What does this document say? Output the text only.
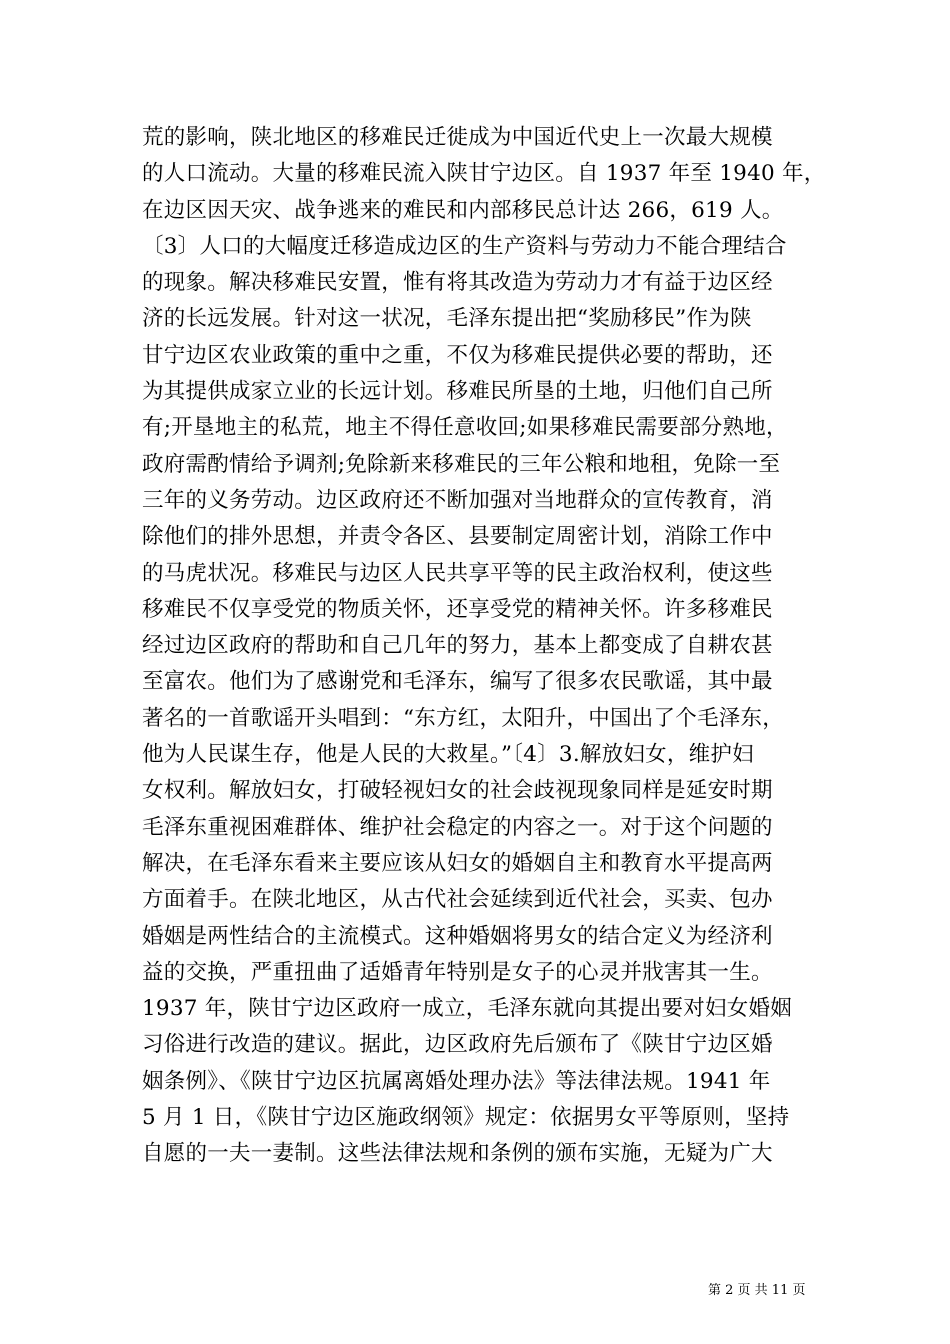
荒的影响，陕北地区的移难民迁徙成为中国近代史上一次最大规模
的人口流动。大量的移难民流入陕甘宁边区。自 1937 年至 1940 年，
在边区因天灾、战争逃来的难民和内部移民总计达 266，619 人。
〔3〕人口的大幅度迁移造成边区的生产资料与劳动力不能合理结合
的现象。解决移难民安置，惟有将其改造为劳动力才有益于边区经
济的长远发展。针对这一状况，毛泽东提出把“奖励移民”作为陕
甘宁边区农业政策的重中之重，不仅为移难民提供必要的帮助，还
为其提供成家立业的长远计划。移难民所垦的土地，归他们自己所
有;开垦地主的私荒，地主不得任意收回;如果移难民需要部分熟地，
政府需酌情给予调剂;免除新来移难民的三年公粮和地租，免除一至
三年的义务劳动。边区政府还不断加强对当地群众的宣传教育，消
除他们的排外思想，并责令各区、县要制定周密计划，消除工作中
的马虎状况。移难民与边区人民共享平等的民主政治权利，使这些
移难民不仅享受党的物质关怀，还享受党的精神关怀。许多移难民
经过边区政府的帮助和自己几年的努力，基本上都变成了自耕农甚
至富农。他们为了感谢党和毛泽东，编写了很多农民歌谣，其中最
著名的一首歌谣开头唱到：“东方红，太阳升，中国出了个毛泽东，
他为人民谋生存，他是人民的大救星。”〔4〕3.解放妇女，维护妇
女权利。解放妇女，打破轻视妇女的社会歧视现象同样是延安时期
毛泽东重视困难群体、维护社会稳定的内容之一。对于这个问题的
解决，在毛泽东看来主要应该从妇女的婚姻自主和教育水平提高两
方面着手。在陕北地区，从古代社会延续到近代社会，买卖、包办
婚姻是两性结合的主流模式。这种婚姻将男女的结合定义为经济利
益的交换，严重扭曲了适婚青年特别是女子的心灵并戕害其一生。
1937 年，陕甘宁边区政府一成立，毛泽东就向其提出要对妇女婚姻
习俗进行改造的建议。据此，边区政府先后颁布了《陕甘宁边区婚
姻条例》、《陕甘宁边区抗属离婚处理办法》等法律法规。1941 年
5 月 1 日，《陕甘宁边区施政纲领》规定：依据男女平等原则，坚持
自愿的一夫一妻制。这些法律法规和条例的颁布实施，无疑为广大
第 2 页 共 11 页
